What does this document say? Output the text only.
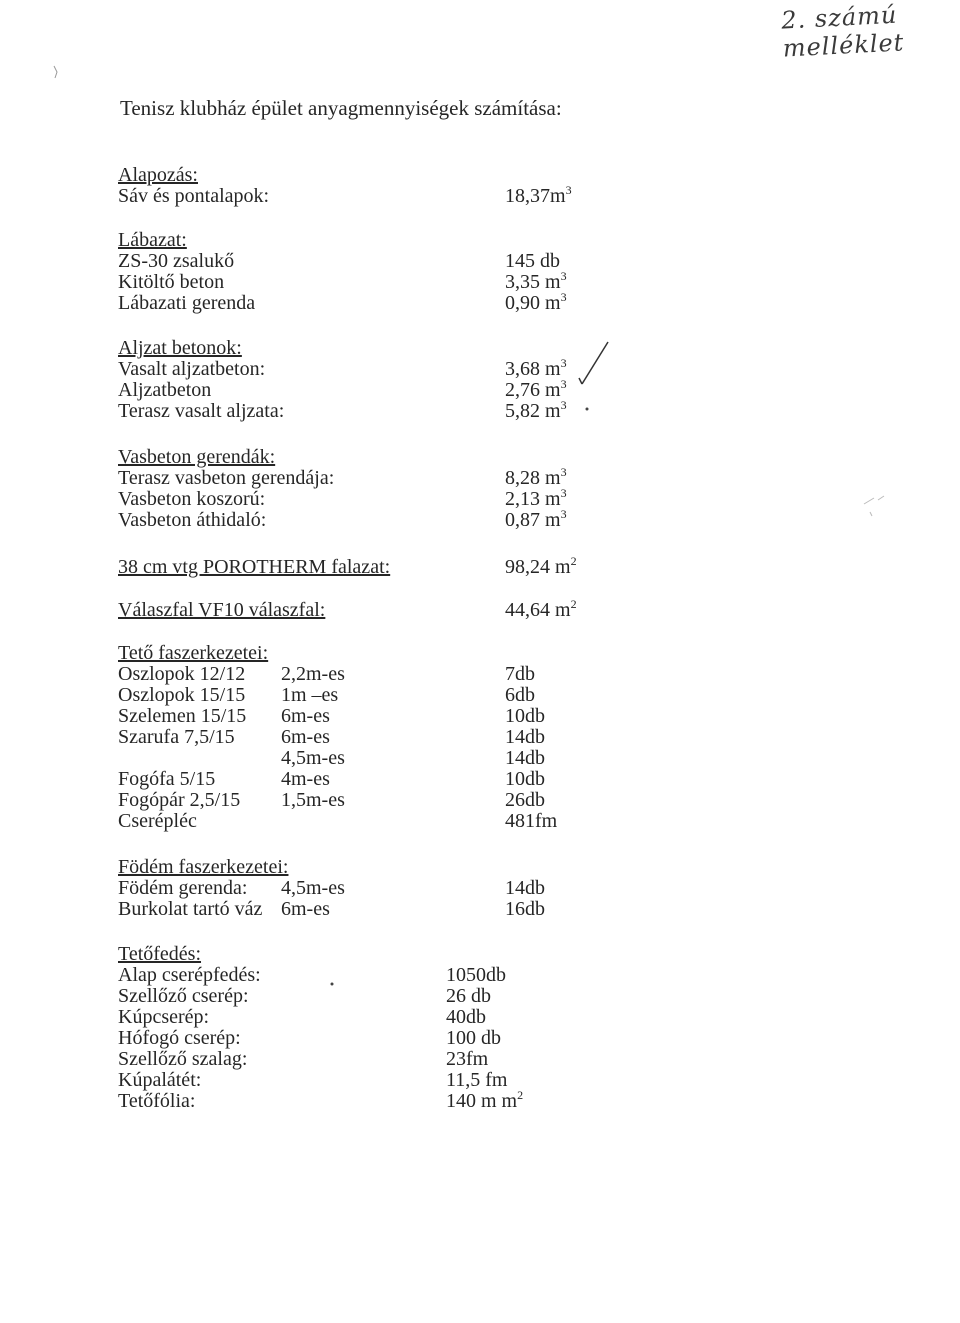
2. számú melléklet
Tenisz klubház épület anyagmennyiségek számítása:
Alapozás:
Sáv és pontalapok:	$18,37m^3$
Lábazat:
ZS-30 zsalukő	145 db
Kitöltő beton	3,35 $m^3$
Lábazati gerenda	0,90 $m^3$
Aljzat betonok:
Vasalt aljzatbeton:	3,68 $m^3$
Aljzatbeton	2,76 $m^3$
Terasz vasalt aljzata:	5,82 $m^3$
Vasbeton gerendák:
Terasz vasbeton gerendája:	8,28 $m^3$
Vasbeton koszorú:	2,13 $m^3$
Vasbeton áthidaló:	0,87 $m^3$
38 cm vtg POROTHERM falazat:	98,24 $m^2$
Válaszfal VF10 válaszfal:	44,64 $m^2$
Tető faszerkezetei:
Oszlopok 12/12 2,2m-es	7db
Oszlopok 15/15 1m –es	6db
Szelemen 15/15 6m-es	10db
Szarufa 7,5/15 6m-es	14db
4,5m-es	14db
Fogófa 5/15	4m-es	10db
Fogópár 2,5/15 1,5m-es	26db
Cserépléc	481fm
Födém faszerkezetei:
Födém gerenda: 4,5m-es	14db
Burkolat tartó váz 6m-es	16db
Tetőfedés:
Alap cserépfedés:	1050db
Szellőző cserép:	26 db
Kúpcserép:	40db
Hófogó cserép:	100 db
Szellőző szalag:	23fm
Kúpalátét:	11,5 fm
Tetőfólia:	140 m $m^2$
